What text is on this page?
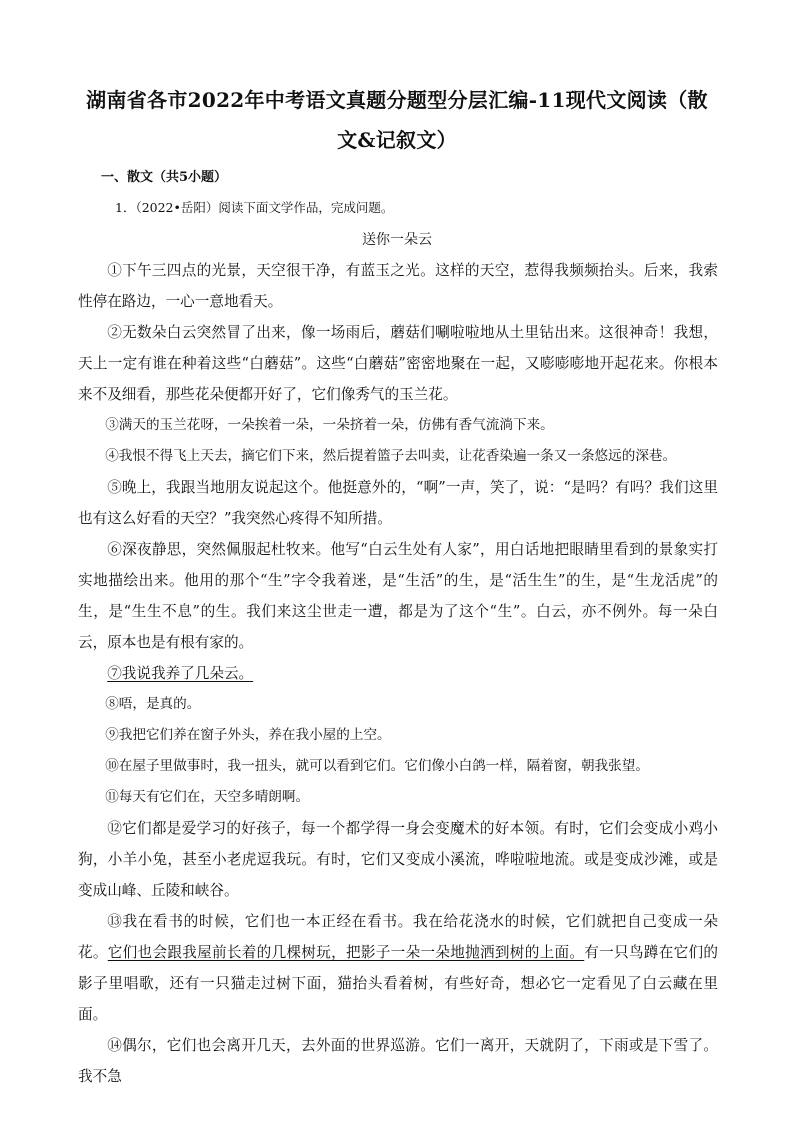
湖南省各市2022年中考语文真题分题型分层汇编-11现代文阅读（散
文&记叙文）
一、散文（共5小题）
1．（2022•岳阳）阅读下面文学作品，完成问题。
送你一朵云

①下午三四点的光景，天空很干净，有蓝玉之光。这样的天空，惹得我频频抬头。后来，我索性停在路边，一心一意地看天。

②无数朵白云突然冒了出来，像一场雨后，蘑菇们唰啦啦地从土里钻出来。这很神奇！我想，天上一定有谁在种着这些“白蘑菇”。这些“白蘑菇”密密地聚在一起，又嘭嘭嘭地开起花来。你根本来不及细看，那些花朵便都开好了，它们像秀气的玉兰花。

③满天的玉兰花呀，一朵挨着一朵，一朵挤着一朵，仿佛有香气流淌下来。

④我恨不得飞上天去，摘它们下来，然后提着篮子去叫卖，让花香染遍一条又一条悠远的深巷。

⑤晚上，我跟当地朋友说起这个。他挺意外的，“啊”一声，笑了，说：“是吗？有吗？我们这里也有这么好看的天空？”我突然心疼得不知所措。

⑥深夜静思，突然佩服起杜牧来。他写“白云生处有人家”，用白话地把眼睛里看到的景象实打实地描绘出来。他用的那个“生”字令我着迷，是“生活”的生，是“活生生”的生，是“生龙活虎”的生，是“生生不息”的生。我们来这尘世走一遭，都是为了这个“生”。白云，亦不例外。每一朵白云，原本也是有根有家的。

⑦我说我养了几朵云。

⑧唔，是真的。

⑨我把它们养在窗子外头，养在我小屋的上空。

⑩在屋子里做事时，我一扭头，就可以看到它们。它们像小白鸽一样，隔着窗，朝我张望。

⑪每天有它们在，天空多晴朗啊。

⑫它们都是爱学习的好孩子，每一个都学得一身会变魔术的好本领。有时，它们会变成小鸡小狗，小羊小兔，甚至小老虎逗我玩。有时，它们又变成小溪流，哗啦啦地流。或是变成沙滩，或是变成山峰、丘陵和峡谷。

⑬我在看书的时候，它们也一本正经在看书。我在给花浇水的时候，它们就把自己变成一朵花。它们也会跟我屋前长着的几棵树玩，把影子一朵一朵地抛洒到树的上面。有一只鸟蹲在它们的影子里唱歌，还有一只猫走过树下面，猫抬头看着树，有些好奇，想必它一定看见了白云藏在里面。

⑭偶尔，它们也会离开几天，去外面的世界巡游。它们一离开，天就阴了，下雨或是下雪了。我不急
